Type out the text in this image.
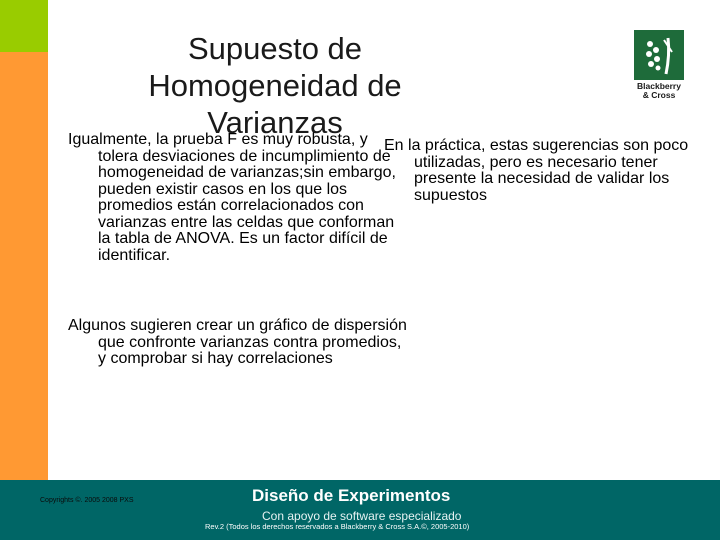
Supuesto de Homogeneidad de Varianzas
Blackberry
& Cross

Igualmente, la prueba F es muy robusta, y tolera desviaciones de incumplimiento de homogeneidad de varianzas;sin embargo, pueden existir casos en los que los promedios están correlacionados con varianzas entre las celdas que conforman la tabla de ANOVA. Es un factor difícil de identificar.

En la práctica, estas sugerencias son poco utilizadas, pero es necesario tener presente la necesidad de validar los supuestos

Algunos sugieren crear un gráfico de dispersión que confronte varianzas contra promedios, y comprobar si hay correlaciones

Copyrights ©. 2005 2008 PXS	Diseño de Experimentos
Con apoyo de software especializado
Rev.2 (Todos los derechos reservados a Blackberry & Cross S.A.©, 2005-2010)
